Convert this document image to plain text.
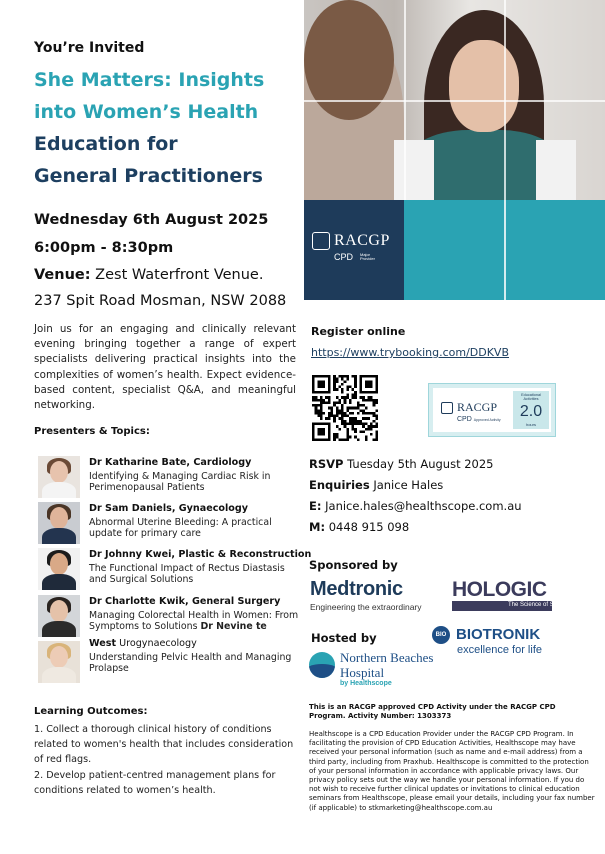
You’re Invited
She Matters: Insights
into Women’s Health
Education for
General Practitioners
Wednesday 6th August 2025
6:00pm - 8:30pm
Venue: Zest Waterfront Venue.
237 Spit Road Mosman, NSW 2088
RACGP
CPD Major Provider

Join us for an engaging and clinically relevant evening bringing together a range of expert specialists delivering practical insights into the complexities of women’s health. Expect evidence-based content, specialist Q&A, and meaningful networking.

Presenters & Topics:
Dr Katharine Bate, Cardiology
Identifying & Managing Cardiac Risk in Perimenopausal Patients
Dr Sam Daniels, Gynaecology
Abnormal Uterine Bleeding: A practical update for primary care
Dr Johnny Kwei, Plastic & Reconstruction
The Functional Impact of Rectus Diastasis and Surgical Solutions
Dr Charlotte Kwik, General Surgery
Managing Colorectal Health in Women: From Symptoms to Solutions Dr Nevine te
Understanding Pelvic Health and Managing Prolapse
West Urogynaecology
Learning Outcomes:
1. Collect a thorough clinical history of conditions related to women's health that includes consideration of red flags.
2. Develop patient-centred management plans for conditions related to women’s health.
Register online
https://www.trybooking.com/DDKVB
RACGP
CPD Approved Activity
Educational Activities
2.0
hours
RSVP Tuesday 5th August 2025
Enquiries Janice Hales
E: Janice.hales@healthscope.com.au
M: 0448 915 098
Sponsored by
Medtronic
Engineering the extraordinary
HOLOGIC
The Science of Sure
Hosted by	BIO BIOTRONIK
excellence for life
Northern Beaches Hospital
by Healthscope

This is an RACGP approved CPD Activity under the RACGP CPD Program. Activity Number: 1303373

Healthscope is a CPD Education Provider under the RACGP CPD Program. In facilitating the provision of CPD Education Activities, Healthscope may have received your personal information (such as name and e-mail address) from a third party, including from Praxhub. Healthscope is committed to the protection of your personal information in accordance with applicable privacy laws. Our privacy policy sets out the way we handle your personal information. If you do not wish to receive further clinical updates or invitations to clinical education seminars from Healthscope, please email your details, including your fax number (if applicable) to stkmarketing@healthscope.com.au
